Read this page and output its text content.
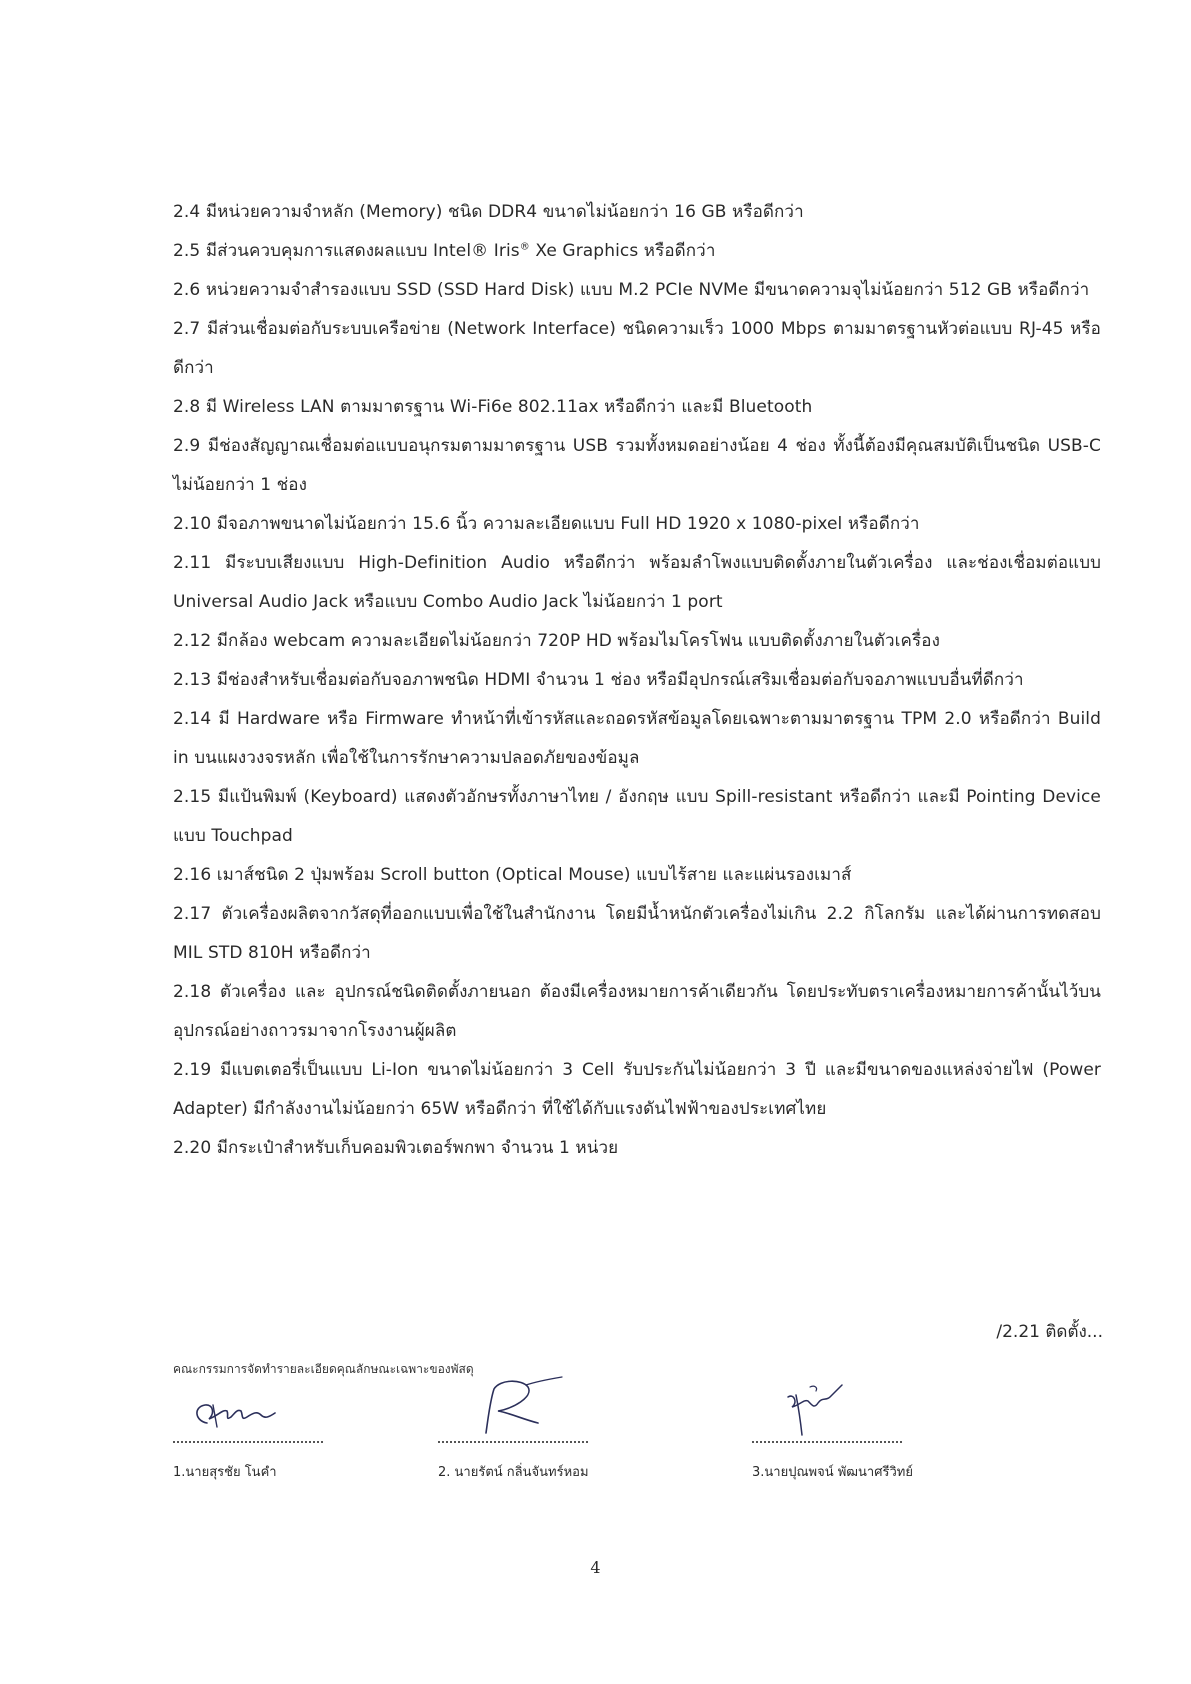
2.4 มีหน่วยความจำหลัก (Memory) ชนิด DDR4 ขนาดไม่น้อยกว่า 16 GB หรือดีกว่า

2.5 มีส่วนควบคุมการแสดงผลแบบ Intel® Iris® Xe Graphics หรือดีกว่า

2.6 หน่วยความจำสำรองแบบ SSD (SSD Hard Disk) แบบ M.2 PCIe NVMe มีขนาดความจุไม่น้อยกว่า 512 GB หรือดีกว่า

2.7 มีส่วนเชื่อมต่อกับระบบเครือข่าย (Network Interface) ชนิดความเร็ว 1000 Mbps ตามมาตรฐานหัวต่อแบบ RJ-45 หรือดีกว่า

2.8 มี Wireless LAN ตามมาตรฐาน Wi-Fi6e 802.11ax หรือดีกว่า และมี Bluetooth

2.9 มีช่องสัญญาณเชื่อมต่อแบบอนุกรมตามมาตรฐาน USB รวมทั้งหมดอย่างน้อย 4 ช่อง ทั้งนี้ต้องมีคุณสมบัติเป็นชนิด USB-C ไม่น้อยกว่า 1 ช่อง

2.10 มีจอภาพขนาดไม่น้อยกว่า 15.6 นิ้ว ความละเอียดแบบ Full HD 1920 x 1080-pixel หรือดีกว่า

2.11 มีระบบเสียงแบบ High-Definition Audio หรือดีกว่า พร้อมลำโพงแบบติดตั้งภายในตัวเครื่อง และช่องเชื่อมต่อแบบ Universal Audio Jack หรือแบบ Combo Audio Jack ไม่น้อยกว่า 1 port

2.12 มีกล้อง webcam ความละเอียดไม่น้อยกว่า 720P HD พร้อมไมโครโฟน แบบติดตั้งภายในตัวเครื่อง

2.13 มีช่องสำหรับเชื่อมต่อกับจอภาพชนิด HDMI จำนวน 1 ช่อง หรือมีอุปกรณ์เสริมเชื่อมต่อกับจอภาพแบบอื่นที่ดีกว่า

2.14 มี Hardware หรือ Firmware ทำหน้าที่เข้ารหัสและถอดรหัสข้อมูลโดยเฉพาะตามมาตรฐาน TPM 2.0 หรือดีกว่า Build in บนแผงวงจรหลัก เพื่อใช้ในการรักษาความปลอดภัยของข้อมูล

2.15 มีแป้นพิมพ์ (Keyboard) แสดงตัวอักษรทั้งภาษาไทย / อังกฤษ แบบ Spill-resistant หรือดีกว่า และมี Pointing Device แบบ Touchpad

2.16 เมาส์ชนิด 2 ปุ่มพร้อม Scroll button (Optical Mouse) แบบไร้สาย และแผ่นรองเมาส์

2.17 ตัวเครื่องผลิตจากวัสดุที่ออกแบบเพื่อใช้ในสำนักงาน โดยมีน้ำหนักตัวเครื่องไม่เกิน 2.2 กิโลกรัม และได้ผ่านการทดสอบ MIL STD 810H หรือดีกว่า

2.18 ตัวเครื่อง และ อุปกรณ์ชนิดติดตั้งภายนอก ต้องมีเครื่องหมายการค้าเดียวกัน โดยประทับตราเครื่องหมายการค้านั้นไว้บนอุปกรณ์อย่างถาวรมาจากโรงงานผู้ผลิต

2.19 มีแบตเตอรี่เป็นแบบ Li-Ion ขนาดไม่น้อยกว่า 3 Cell รับประกันไม่น้อยกว่า 3 ปี และมีขนาดของแหล่งจ่ายไฟ (Power Adapter) มีกำลังงานไม่น้อยกว่า 65W หรือดีกว่า ที่ใช้ได้กับแรงดันไฟฟ้าของประเทศไทย

2.20 มีกระเป๋าสำหรับเก็บคอมพิวเตอร์พกพา จำนวน 1 หน่วย

/2.21 ติดตั้ง...
คณะกรรมการจัดทำรายละเอียดคุณลักษณะเฉพาะของพัสดุ
1.นายสุรชัย โนคำ	2. นายรัตน์ กลิ่นจันทร์หอม	3.นายปุณพจน์ พัฒนาศรีวิทย์
4
